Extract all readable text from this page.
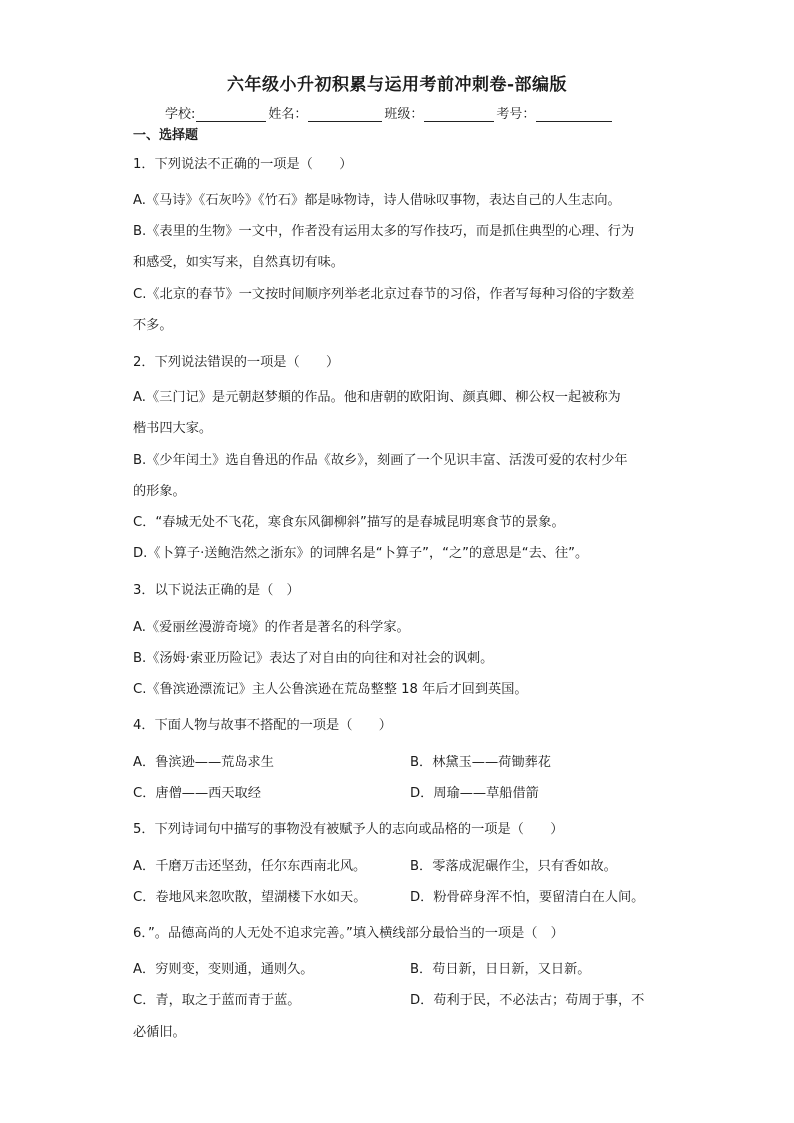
六年级小升初积累与运用考前冲刺卷-部编版
学校:	姓名：	班级：	考号：
一、选择题
1．下列说法不正确的一项是（　　）
A.《马诗》《石灰吟》《竹石》都是咏物诗，诗人借咏叹事物，表达自己的人生志向。
B.《表里的生物》一文中，作者没有运用太多的写作技巧，而是抓住典型的心理、行为
和感受，如实写来，自然真切有味。
C.《北京的春节》一文按时间顺序列举老北京过春节的习俗，作者写每种习俗的字数差
不多。
2．下列说法错误的一项是（　　）
A.《三门记》是元朝赵梦頫的作品。他和唐朝的欧阳询、颜真卿、柳公权一起被称为
楷书四大家。
B.《少年闰土》选自鲁迅的作品《故乡》，刻画了一个见识丰富、活泼可爱的农村少年
的形象。
C．“春城无处不飞花，寒食东风御柳斜”描写的是春城昆明寒食节的景象。
D.《卜算子·送鲍浩然之浙东》的词牌名是“卜算子”，“之”的意思是“去、往”。
3．以下说法正确的是（　）
A.《爱丽丝漫游奇境》的作者是著名的科学家。
B.《汤姆·索亚历险记》表达了对自由的向往和对社会的讽刺。
C.《鲁滨逊漂流记》主人公鲁滨逊在荒岛整整 18 年后才回到英国。
4．下面人物与故事不搭配的一项是（　　）
A．鲁滨逊——荒岛求生	B．林黛玉——荷锄葬花
C．唐僧——西天取经	D．周瑜——草船借箭
5．下列诗词句中描写的事物没有被赋予人的志向或品格的一项是（　　）
A．千磨万击还坚劲，任尔东西南北风。	B．零落成泥碾作尘，只有香如故。
C．卷地风来忽吹散，望湖楼下水如天。	D．粉骨碎身浑不怕，要留清白在人间。
6．”。品德高尚的人无处不追求完善。”填入横线部分最恰当的一项是（　）
A．穷则变，变则通，通则久。	B．苟日新，日日新，又日新。
C．青，取之于蓝而青于蓝。	D．苟利于民，不必法古；苟周于事，不
必循旧。
